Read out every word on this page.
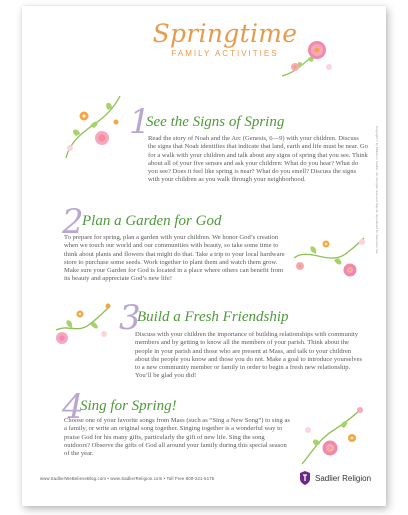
Springtime
FAMILY ACTIVITIES
1
See the Signs of Spring
Read the story of Noah and the Arc (Genesis, 6—9) with your children. Discuss the signs that Noah identifies that indicate that land, earth and life must be near. Go for a walk with your children and talk about any signs of spring that you see. Think about all of your five senses and ask your children: What do you hear? What do you see? Does it feel like spring is near? What do you smell? Discuss the signs with your children as you walk through your neighborhood.
2
Plan a Garden for God
To prepare for spring, plan a garden with your children. We honor God’s creation when we touch our world and our communities with beauty, so take some time to think about plants and flowers that might do that. Take a trip to your local hardware store to purchase some seeds. Work together to plant them and watch them grow. Make sure your Garden for God is located in a place where others can benefit from its beauty and appreciate God’s new life!
3
Build a Fresh Friendship
Discuss with your children the importance of building relationships with community members and by getting to know all the members of your parish. Think about the people in your parish and those who are present at Mass, and talk to your children about the people you know and those you do not. Make a goal to introduce yourselves to a new community member or family in order to begin a fresh new relationship. You’ll be glad you did!
4
Sing for Spring!
Choose one of your favorite songs from Mass (such as “Sing a New Song”) to sing as a family, or write an original song together. Singing together is a wonderful way to praise God for his many gifts, particularly the gift of new life. Sing the song outdoors? Observe the gifts of God all around your family during this special season of the year.
www.SadlierWeBelieveBlog.com • www.SadlierReligion.com • Toll Free 800-221-5175	Sadlier Religion
Copyright © by William H. Sadlier, Inc. All rights reserved. May be reproduced for classroom use.
